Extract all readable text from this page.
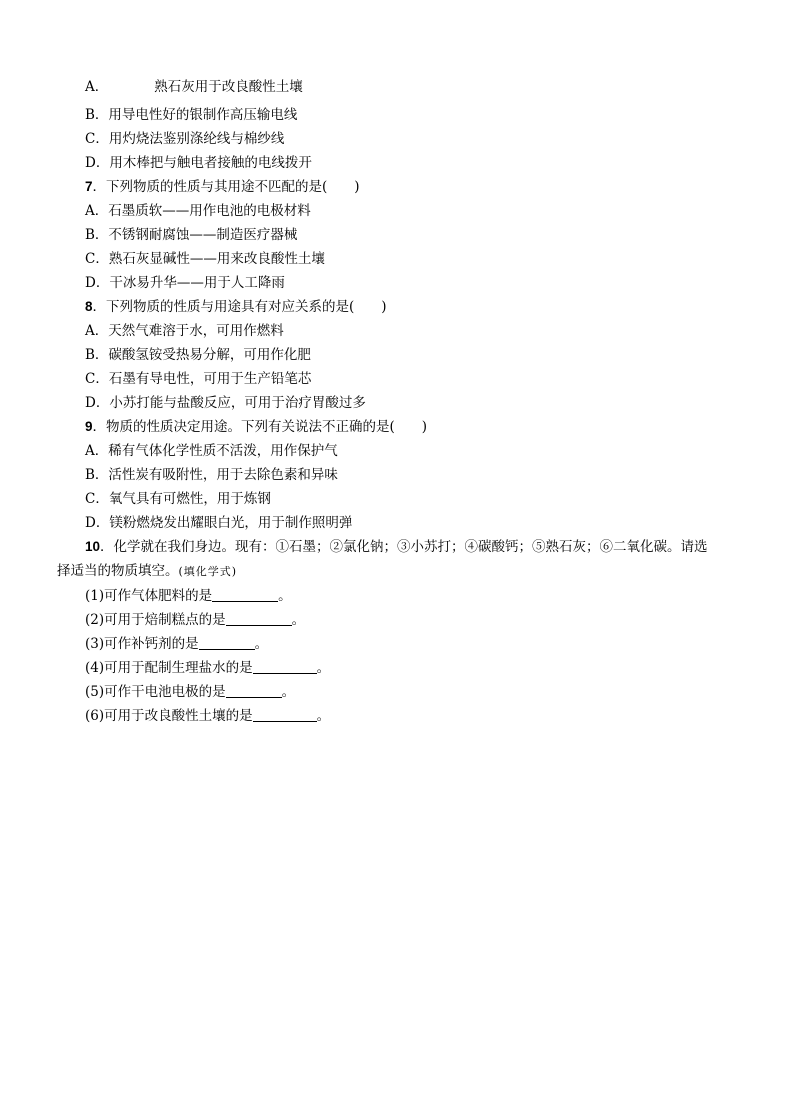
A．	熟石灰用于改良酸性土壤
B．用导电性好的银制作高压输电线
C．用灼烧法鉴别涤纶线与棉纱线
D．用木棒把与触电者接触的电线拨开
7．下列物质的性质与其用途不匹配的是(　　)
A．石墨质软——用作电池的电极材料
B．不锈钢耐腐蚀——制造医疗器械
C．熟石灰显碱性——用来改良酸性土壤
D．干冰易升华——用于人工降雨
8．下列物质的性质与用途具有对应关系的是(　　)
A．天然气难溶于水，可用作燃料
B．碳酸氢铵受热易分解，可用作化肥
C．石墨有导电性，可用于生产铅笔芯
D．小苏打能与盐酸反应，可用于治疗胃酸过多
9．物质的性质决定用途。下列有关说法不正确的是(　　)
A．稀有气体化学性质不活泼，用作保护气
B．活性炭有吸附性，用于去除色素和异味
C．氧气具有可燃性，用于炼钢
D．镁粉燃烧发出耀眼白光，用于制作照明弹
10．化学就在我们身边。现有：①石墨；②氯化钠；③小苏打；④碳酸钙；⑤熟石灰；⑥二氧化碳。请选
择适当的物质填空。(填化学式)
(1)可作气体肥料的是	。
(2)可用于焙制糕点的是	。
(3)可作补钙剂的是	。
(4)可用于配制生理盐水的是	。
(5)可作干电池电极的是	。
(6)可用于改良酸性土壤的是	。
